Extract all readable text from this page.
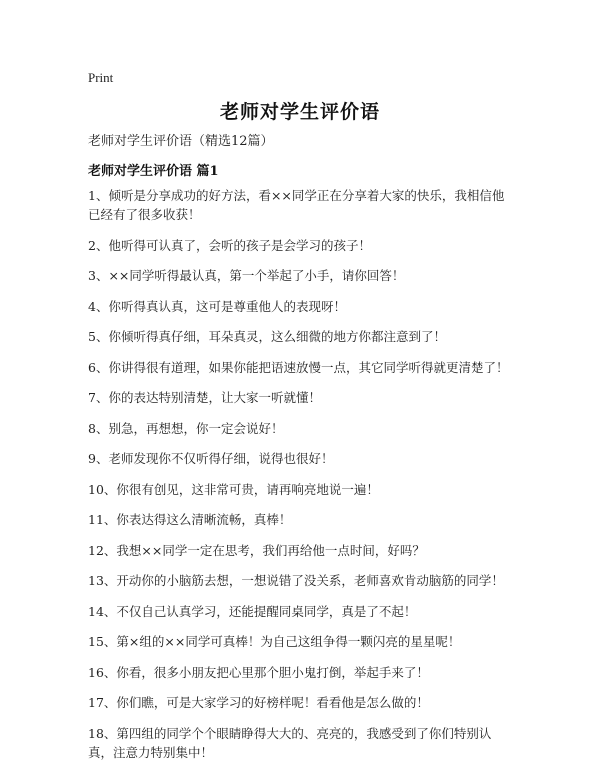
Print
老师对学生评价语
老师对学生评价语（精选12篇）
老师对学生评价语 篇1
1、倾听是分享成功的好方法，看××同学正在分享着大家的快乐，我相信他已经有了很多收获！
2、他听得可认真了，会听的孩子是会学习的孩子！
3、××同学听得最认真，第一个举起了小手，请你回答！
4、你听得真认真，这可是尊重他人的表现呀！
5、你倾听得真仔细，耳朵真灵，这么细微的地方你都注意到了！
6、你讲得很有道理，如果你能把语速放慢一点，其它同学听得就更清楚了！
7、你的表达特别清楚，让大家一听就懂！
8、别急，再想想，你一定会说好！
9、老师发现你不仅听得仔细，说得也很好！
10、你很有创见，这非常可贵，请再响亮地说一遍！
11、你表达得这么清晰流畅，真棒！
12、我想××同学一定在思考，我们再给他一点时间，好吗？
13、开动你的小脑筋去想，一想说错了没关系，老师喜欢肯动脑筋的同学！
14、不仅自己认真学习，还能提醒同桌同学，真是了不起！
15、第×组的××同学可真棒！为自己这组争得一颗闪亮的星星呢！
16、你看，很多小朋友把心里那个胆小鬼打倒，举起手来了！
17、你们瞧，可是大家学习的好榜样呢！看看他是怎么做的！
18、第四组的同学个个眼睛睁得大大的、亮亮的，我感受到了你们特别认真，注意力特别集中！
